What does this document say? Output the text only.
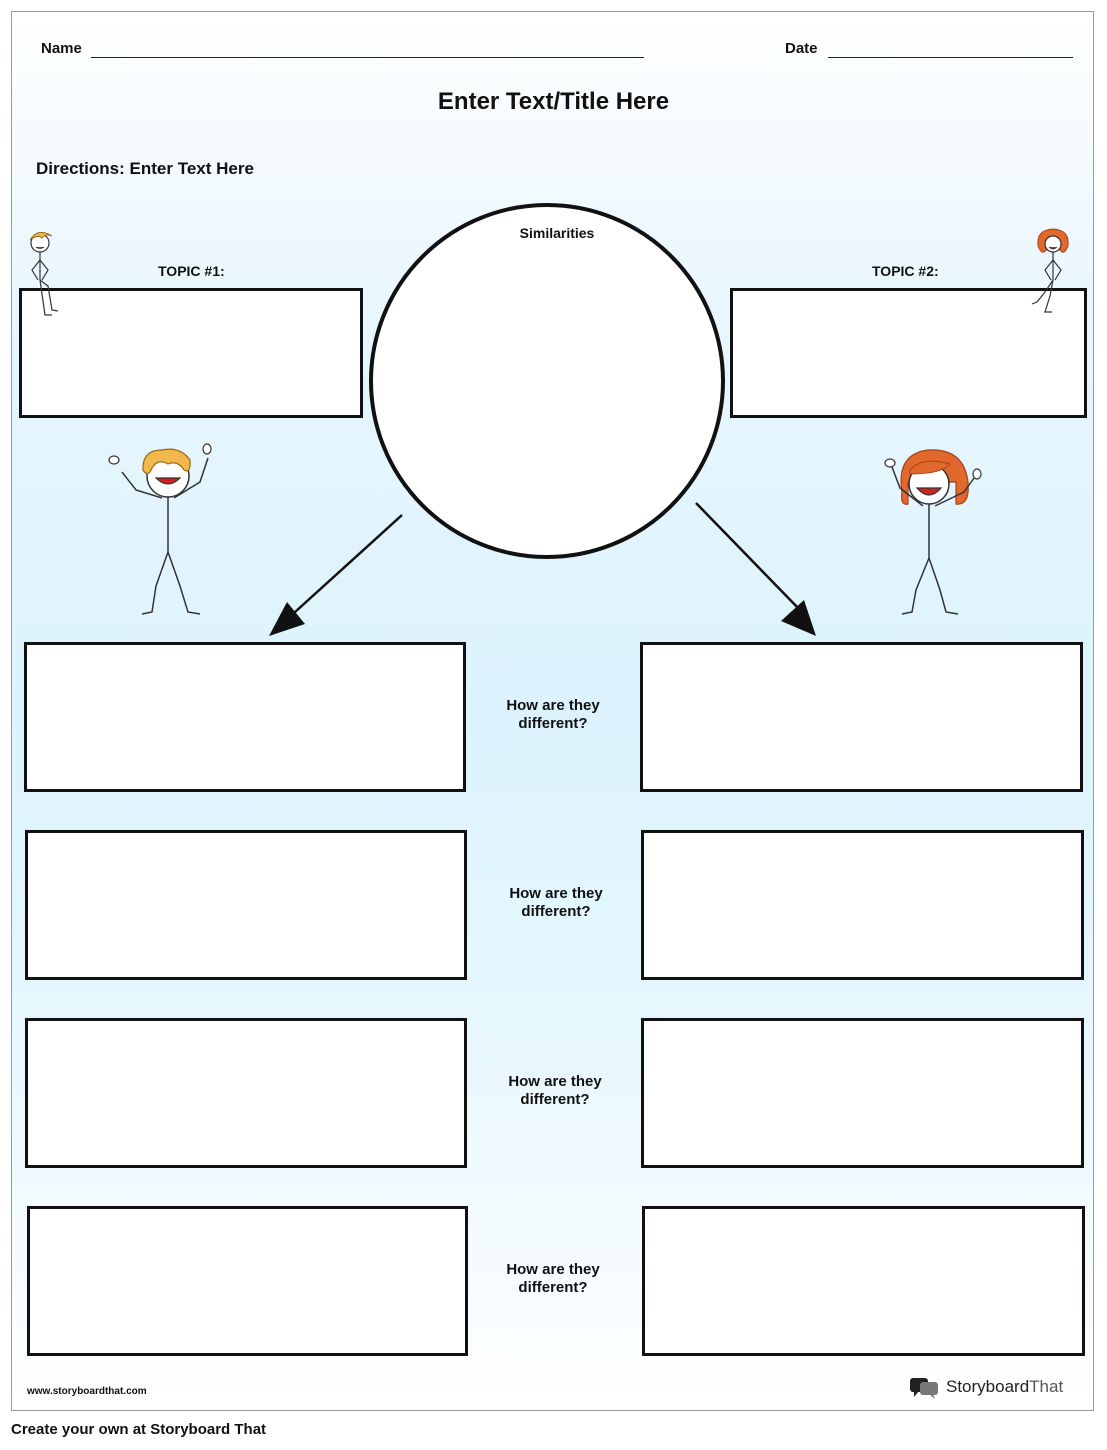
Name	Date
Enter Text/Title Here
Directions: Enter Text Here
TOPIC #1:	TOPIC #2:
Similarities
How are they different?
How are they different?
How are they different?
How are they different?
www.storyboardthat.com	StoryboardThat
Create your own at Storyboard That
